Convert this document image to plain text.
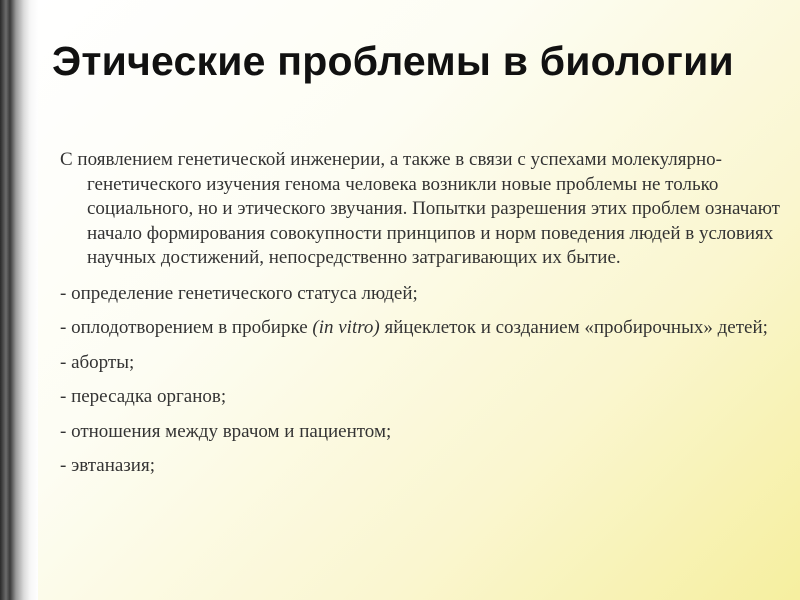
Этические проблемы в биологии

С появлением генетической инженерии, а также в связи с успехами молекулярно-генетического изучения генома человека возникли новые проблемы не только социального, но и этического звучания. Попытки разрешения этих проблем означают начало формирования совокупности принципов и норм поведения людей в условиях научных достижений, непосредственно затрагивающих их бытие.

- определение генетического статуса людей;

- оплодотворением в пробирке (in vitro) яйцеклеток и созданием «пробирочных» детей;

- аборты;

- пересадка органов;

- отношения между врачом и пациентом;

- эвтаназия;
